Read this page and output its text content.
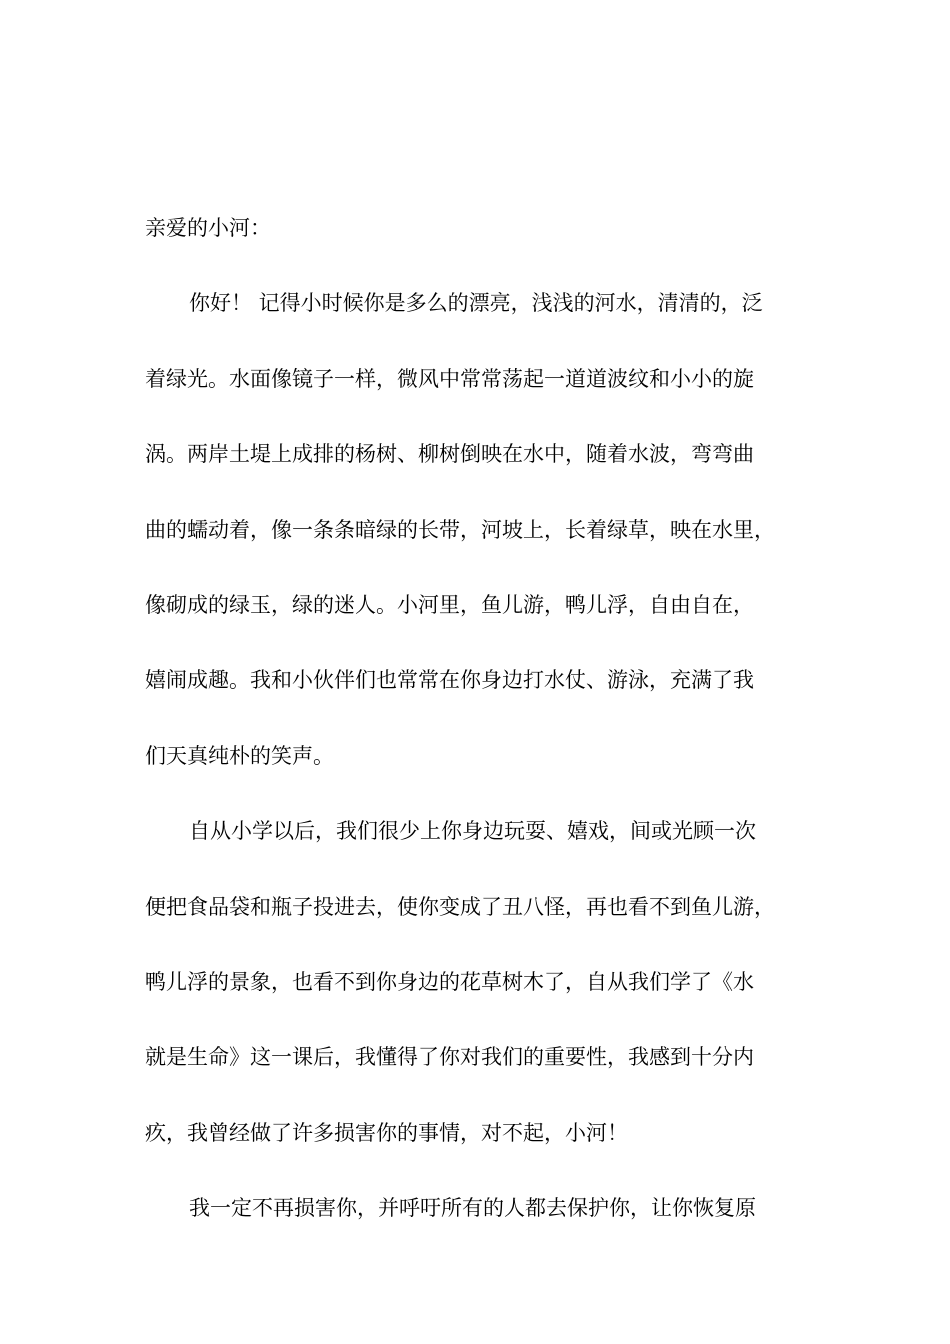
亲爱的小河：
你好！ 记得小时候你是多么的漂亮，浅浅的河水，清清的，泛
着绿光。水面像镜子一样，微风中常常荡起一道道波纹和小小的旋
涡。两岸土堤上成排的杨树、柳树倒映在水中，随着水波，弯弯曲
曲的蠕动着，像一条条暗绿的长带，河坡上，长着绿草，映在水里，
像砌成的绿玉，绿的迷人。小河里，鱼儿游，鸭儿浮，自由自在，
嬉闹成趣。我和小伙伴们也常常在你身边打水仗、游泳，充满了我
们天真纯朴的笑声。
自从小学以后，我们很少上你身边玩耍、嬉戏，间或光顾一次
便把食品袋和瓶子投进去，使你变成了丑八怪，再也看不到鱼儿游，
鸭儿浮的景象，也看不到你身边的花草树木了，自从我们学了《水
就是生命》这一课后，我懂得了你对我们的重要性，我感到十分内
疚，我曾经做了许多损害你的事情，对不起，小河！
我一定不再损害你，并呼吁所有的人都去保护你，让你恢复原
